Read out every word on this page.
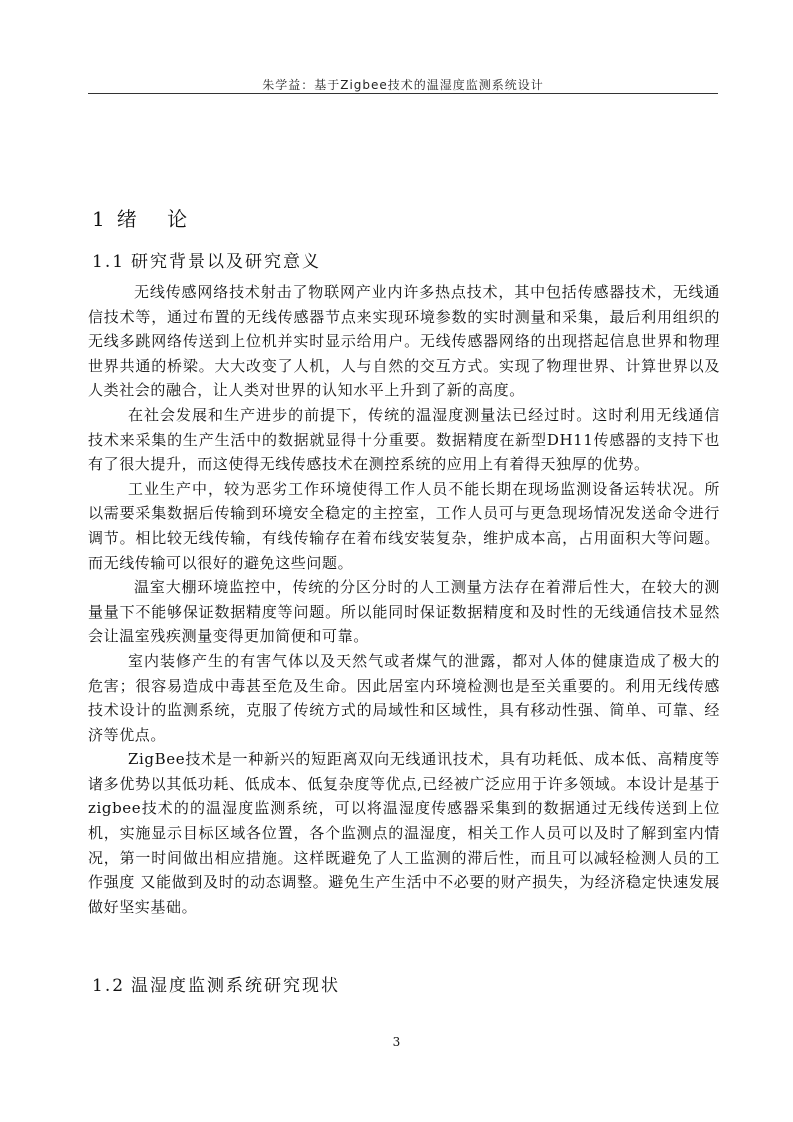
朱学益：基于Zigbee技术的温湿度监测系统设计
1 绪 论
1.1 研究背景以及研究意义

无线传感网络技术射击了物联网产业内许多热点技术，其中包括传感器技术，无线通信技术等，通过布置的无线传感器节点来实现环境参数的实时测量和采集，最后利用组织的无线多跳网络传送到上位机并实时显示给用户。无线传感器网络的出现搭起信息世界和物理世界共通的桥梁。大大改变了人机，人与自然的交互方式。实现了物理世界、计算世界以及人类社会的融合，让人类对世界的认知水平上升到了新的高度。

在社会发展和生产进步的前提下，传统的温湿度测量法已经过时。这时利用无线通信技术来采集的生产生活中的数据就显得十分重要。数据精度在新型DH11传感器的支持下也有了很大提升，而这使得无线传感技术在测控系统的应用上有着得天独厚的优势。

工业生产中，较为恶劣工作环境使得工作人员不能长期在现场监测设备运转状况。所以需要采集数据后传输到环境安全稳定的主控室，工作人员可与更急现场情况发送命令进行调节。相比较无线传输，有线传输存在着布线安装复杂，维护成本高，占用面积大等问题。而无线传输可以很好的避免这些问题。

温室大棚环境监控中，传统的分区分时的人工测量方法存在着滞后性大，在较大的测量量下不能够保证数据精度等问题。所以能同时保证数据精度和及时性的无线通信技术显然会让温室残疾测量变得更加简便和可靠。

室内装修产生的有害气体以及天然气或者煤气的泄露，都对人体的健康造成了极大的危害；很容易造成中毒甚至危及生命。因此居室内环境检测也是至关重要的。利用无线传感技术设计的监测系统，克服了传统方式的局域性和区域性，具有移动性强、简单、可靠、经济等优点。

ZigBee技术是一种新兴的短距离双向无线通讯技术，具有功耗低、成本低、高精度等诸多优势以其低功耗、低成本、低复杂度等优点,已经被广泛应用于许多领域。本设计是基于zigbee技术的的温湿度监测系统，可以将温湿度传感器采集到的数据通过无线传送到上位机，实施显示目标区域各位置，各个监测点的温湿度，相关工作人员可以及时了解到室内情况，第一时间做出相应措施。这样既避免了人工监测的滞后性，而且可以减轻检测人员的工作强度 又能做到及时的动态调整。避免生产生活中不必要的财产损失，为经济稳定快速发展做好坚实基础。

1.2 温湿度监测系统研究现状
3
